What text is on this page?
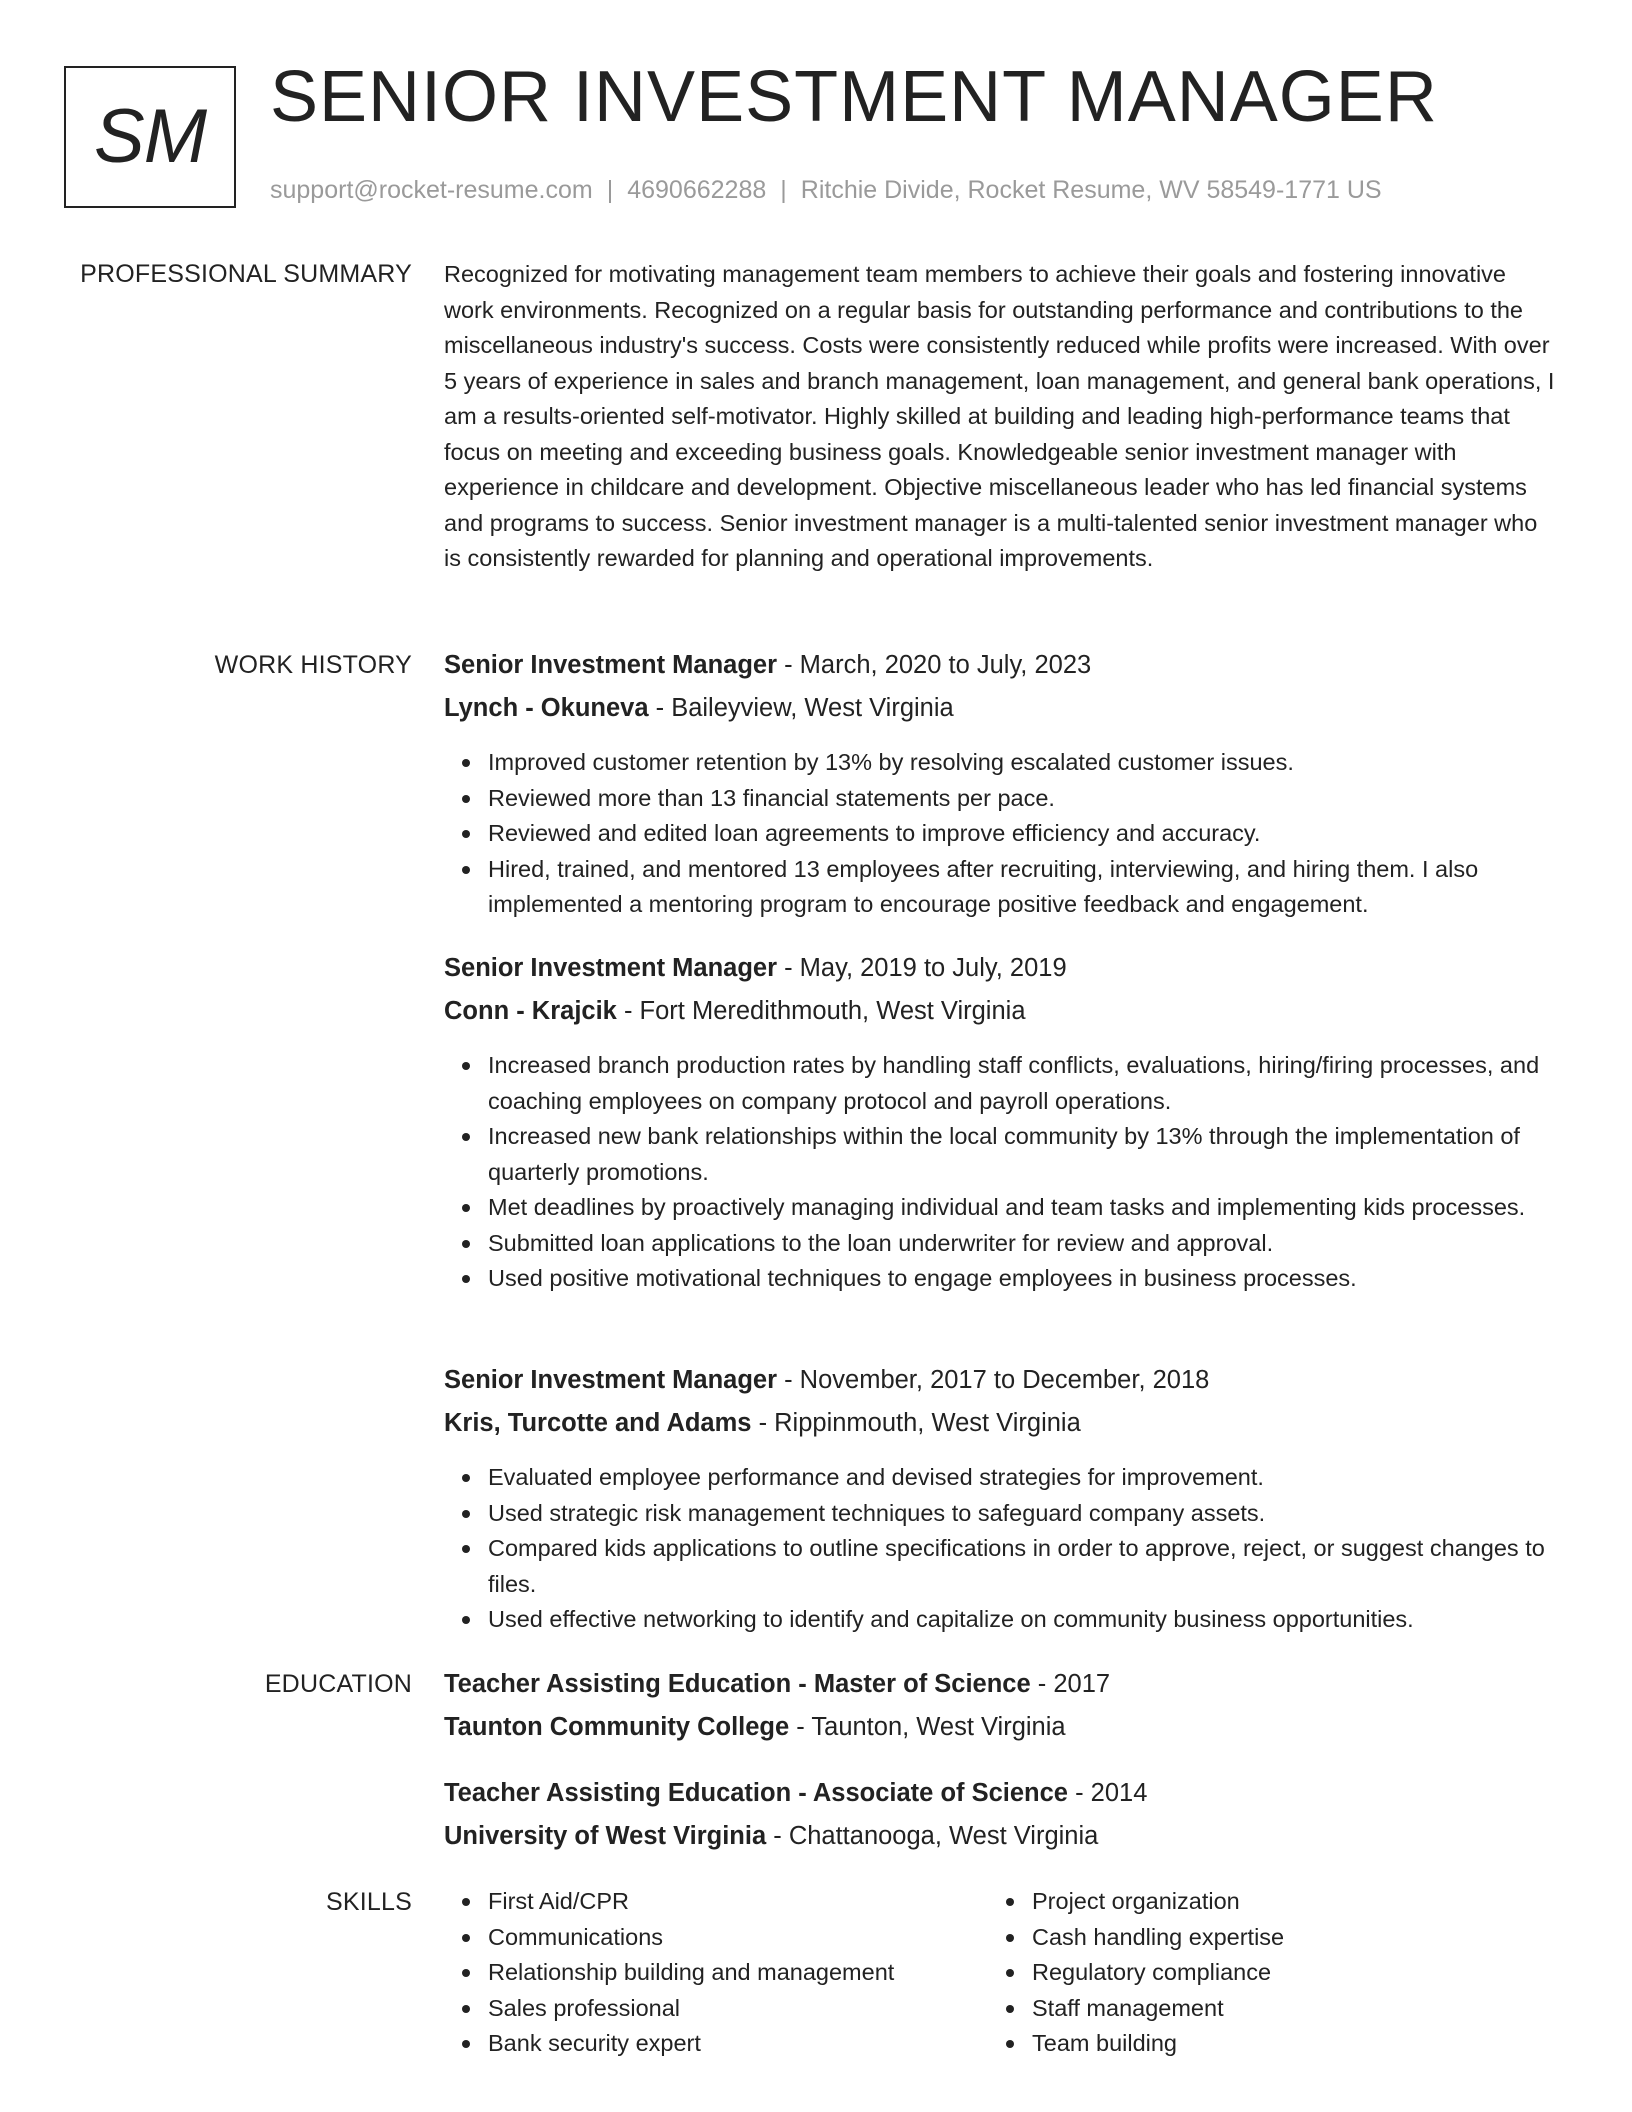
SM SENIOR INVESTMENT MANAGER
support@rocket-resume.com | 4690662288 | Ritchie Divide, Rocket Resume, WV 58549-1771 US
PROFESSIONAL SUMMARY Recognized for motivating management team members to achieve their goals and fostering innovative work environments. Recognized on a regular basis for outstanding performance and contributions to the miscellaneous industry's success. Costs were consistently reduced while profits were increased. With over 5 years of experience in sales and branch management, loan management, and general bank operations, I am a results-oriented self-motivator. Highly skilled at building and leading high-performance teams that focus on meeting and exceeding business goals. Knowledgeable senior investment manager with experience in childcare and development. Objective miscellaneous leader who has led financial systems and programs to success. Senior investment manager is a multi-talented senior investment manager who is consistently rewarded for planning and operational improvements.

WORK HISTORY Senior Investment Manager - March, 2020 to July, 2023
Lynch - Okuneva - Baileyview, West Virginia
Improved customer retention by 13% by resolving escalated customer issues.
Reviewed more than 13 financial statements per pace.
Reviewed and edited loan agreements to improve efficiency and accuracy.
Hired, trained, and mentored 13 employees after recruiting, interviewing, and hiring them. I also implemented a mentoring program to encourage positive feedback and engagement.
Senior Investment Manager - May, 2019 to July, 2019
Conn - Krajcik - Fort Meredithmouth, West Virginia
Increased branch production rates by handling staff conflicts, evaluations, hiring/firing processes, and coaching employees on company protocol and payroll operations.
Increased new bank relationships within the local community by 13% through the implementation of quarterly promotions.
Met deadlines by proactively managing individual and team tasks and implementing kids processes.
Submitted loan applications to the loan underwriter for review and approval.
Used positive motivational techniques to engage employees in business processes.
Senior Investment Manager - November, 2017 to December, 2018
Kris, Turcotte and Adams - Rippinmouth, West Virginia
Evaluated employee performance and devised strategies for improvement.
Used strategic risk management techniques to safeguard company assets.
Compared kids applications to outline specifications in order to approve, reject, or suggest changes to files.
Used effective networking to identify and capitalize on community business opportunities.
EDUCATION Teacher Assisting Education - Master of Science - 2017
Taunton Community College - Taunton, West Virginia
Teacher Assisting Education - Associate of Science - 2014
University of West Virginia - Chattanooga, West Virginia
SKILLS	First Aid/CPR
Communications
Relationship building and management
Sales professional
Bank security expert
Project organization
Cash handling expertise
Regulatory compliance
Staff management
Team building
